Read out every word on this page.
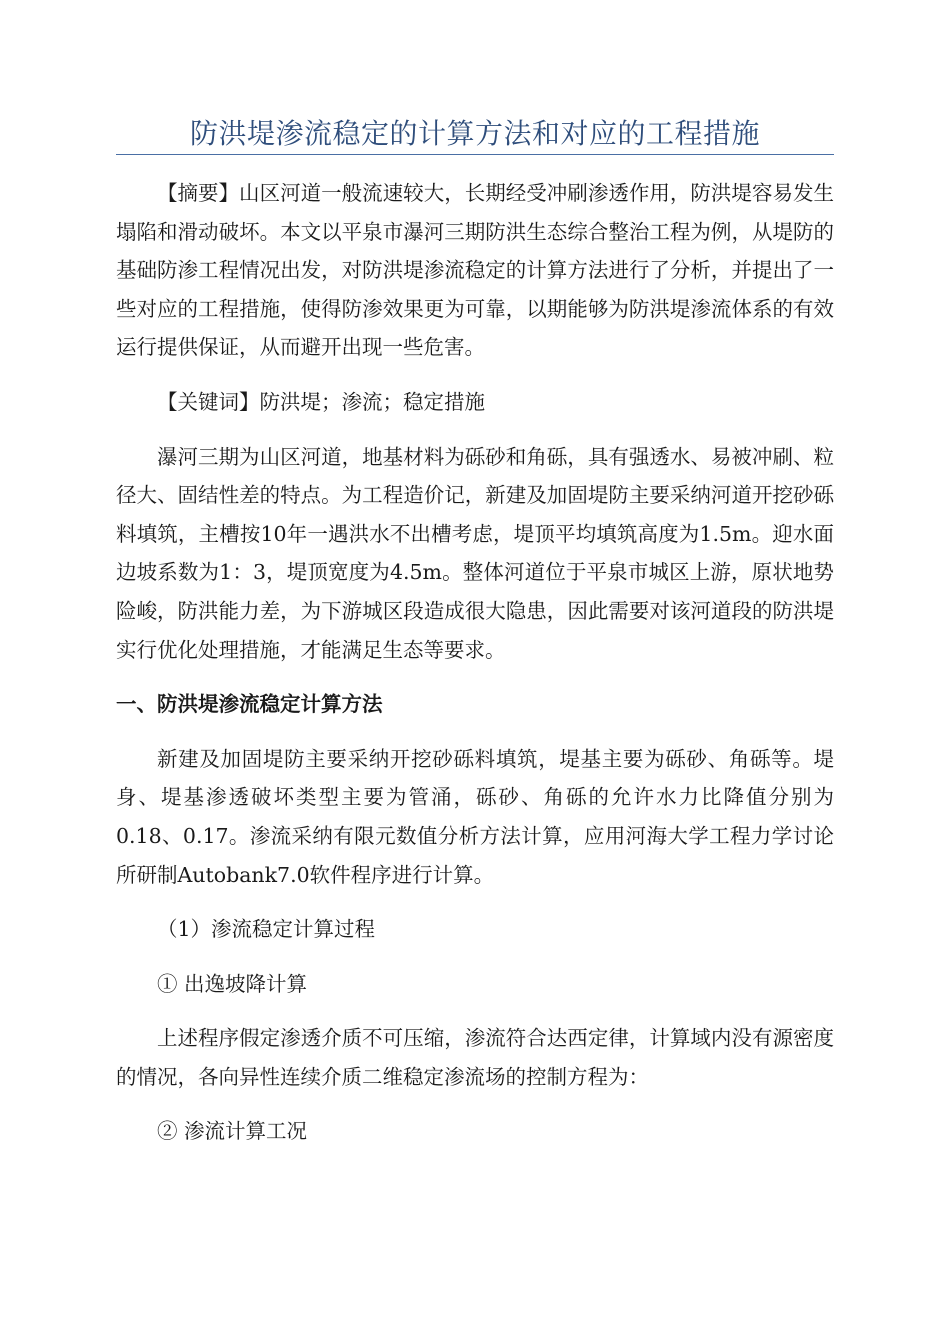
防洪堤渗流稳定的计算方法和对应的工程措施

【摘要】山区河道一般流速较大，长期经受冲刷渗透作用，防洪堤容易发生塌陷和滑动破坏。本文以平泉市瀑河三期防洪生态综合整治工程为例，从堤防的基础防渗工程情况出发，对防洪堤渗流稳定的计算方法进行了分析，并提出了一些对应的工程措施，使得防渗效果更为可靠，以期能够为防洪堤渗流体系的有效运行提供保证，从而避开出现一些危害。

【关键词】防洪堤；渗流；稳定措施

瀑河三期为山区河道，地基材料为砾砂和角砾，具有强透水、易被冲刷、粒径大、固结性差的特点。为工程造价记，新建及加固堤防主要采纳河道开挖砂砾料填筑，主槽按10年一遇洪水不出槽考虑，堤顶平均填筑高度为1.5m。迎水面边坡系数为1：3，堤顶宽度为4.5m。整体河道位于平泉市城区上游，原状地势险峻，防洪能力差，为下游城区段造成很大隐患，因此需要对该河道段的防洪堤实行优化处理措施，才能满足生态等要求。

一、防洪堤渗流稳定计算方法

新建及加固堤防主要采纳开挖砂砾料填筑，堤基主要为砾砂、角砾等。堤身、堤基渗透破坏类型主要为管涌，砾砂、角砾的允许水力比降值分别为0.18、0.17。渗流采纳有限元数值分析方法计算，应用河海大学工程力学讨论所研制Autobank7.0软件程序进行计算。

（1）渗流稳定计算过程

① 出逸坡降计算

上述程序假定渗透介质不可压缩，渗流符合达西定律，计算域内没有源密度的情况，各向异性连续介质二维稳定渗流场的控制方程为：

② 渗流计算工况
